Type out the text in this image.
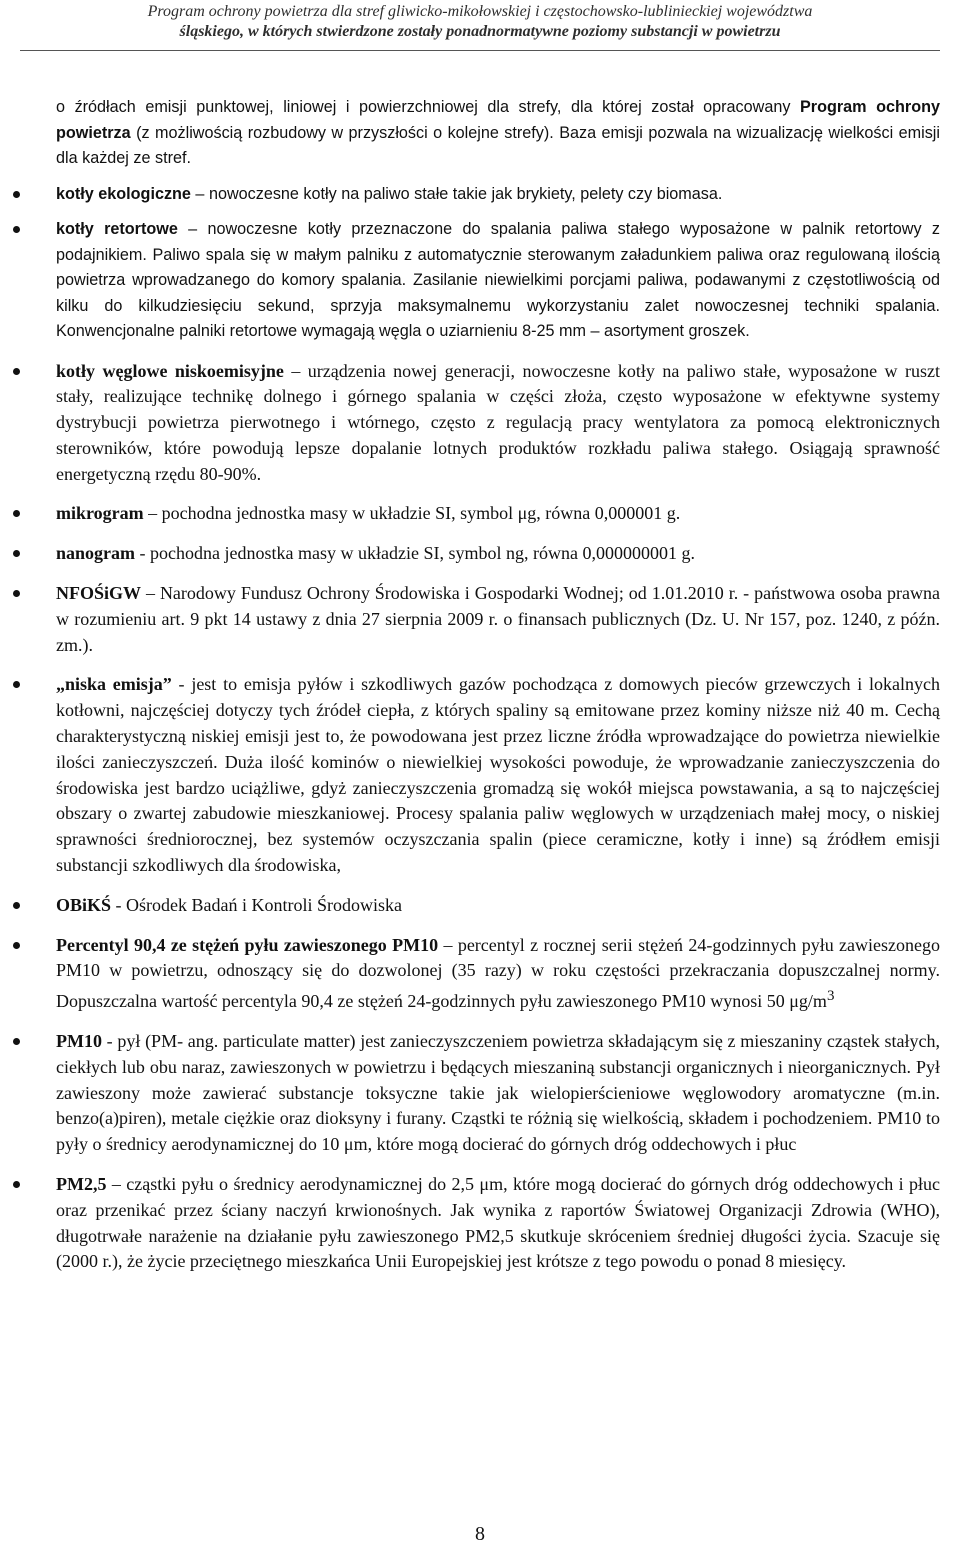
Program ochrony powietrza dla stref gliwicko-mikołowskiej i częstochowsko-lublinieckiej województwa
śląskiego, w których stwierdzone zostały ponadnormatywne poziomy substancji w powietrzu

o źródłach emisji punktowej, liniowej i powierzchniowej dla strefy, dla której został opracowany Program ochrony powietrza (z możliwością rozbudowy w przyszłości o kolejne strefy). Baza emisji pozwala na wizualizację wielkości emisji dla każdej ze stref.

kotły ekologiczne – nowoczesne kotły na paliwo stałe takie jak brykiety, pelety czy biomasa.

kotły retortowe – nowoczesne kotły przeznaczone do spalania paliwa stałego wyposażone w palnik retortowy z podajnikiem. Paliwo spala się w małym palniku z automatycznie sterowanym załadunkiem paliwa oraz regulowaną ilością powietrza wprowadzanego do komory spalania. Zasilanie niewielkimi porcjami paliwa, podawanymi z częstotliwością od kilku do kilkudziesięciu sekund, sprzyja maksymalnemu wykorzystaniu zalet nowoczesnej techniki spalania. Konwencjonalne palniki retortowe wymagają węgla o uziarnieniu 8-25 mm – asortyment groszek.

kotły węglowe niskoemisyjne – urządzenia nowej generacji, nowoczesne kotły na paliwo stałe, wyposażone w ruszt stały, realizujące technikę dolnego i górnego spalania w części złoża, często wyposażone w efektywne systemy dystrybucji powietrza pierwotnego i wtórnego, często z regulacją pracy wentylatora za pomocą elektronicznych sterowników, które powodują lepsze dopalanie lotnych produktów rozkładu paliwa stałego. Osiągają sprawność energetyczną rzędu 80-90%.

mikrogram – pochodna jednostka masy w układzie SI, symbol μg, równa 0,000001 g.

nanogram - pochodna jednostka masy w układzie SI, symbol ng, równa 0,000000001 g.

NFOŚiGW – Narodowy Fundusz Ochrony Środowiska i Gospodarki Wodnej; od 1.01.2010 r. - państwowa osoba prawna w rozumieniu art. 9 pkt 14 ustawy z dnia 27 sierpnia 2009 r. o finansach publicznych (Dz. U. Nr 157, poz. 1240, z późn. zm.).

„niska emisja” - jest to emisja pyłów i szkodliwych gazów pochodząca z domowych pieców grzewczych i lokalnych kotłowni, najczęściej dotyczy tych źródeł ciepła, z których spaliny są emitowane przez kominy niższe niż 40 m. Cechą charakterystyczną niskiej emisji jest to, że powodowana jest przez liczne źródła wprowadzające do powietrza niewielkie ilości zanieczyszczeń. Duża ilość kominów o niewielkiej wysokości powoduje, że wprowadzanie zanieczyszczenia do środowiska jest bardzo uciążliwe, gdyż zanieczyszczenia gromadzą się wokół miejsca powstawania, a są to najczęściej obszary o zwartej zabudowie mieszkaniowej. Procesy spalania paliw węglowych w urządzeniach małej mocy, o niskiej sprawności średniorocznej, bez systemów oczyszczania spalin (piece ceramiczne, kotły i inne) są źródłem emisji substancji szkodliwych dla środowiska,

OBiKŚ - Ośrodek Badań i Kontroli Środowiska

Percentyl 90,4 ze stężeń pyłu zawieszonego PM10 – percentyl z rocznej serii stężeń 24-godzinnych pyłu zawieszonego PM10 w powietrzu, odnoszący się do dozwolonej (35 razy) w roku częstości przekraczania dopuszczalnej normy. Dopuszczalna wartość percentyla 90,4 ze stężeń 24-godzinnych pyłu zawieszonego PM10 wynosi 50 $\mu g/m^3$

PM10 - pył (PM- ang. particulate matter) jest zanieczyszczeniem powietrza składającym się z mieszaniny cząstek stałych, ciekłych lub obu naraz, zawieszonych w powietrzu i będących mieszaniną substancji organicznych i nieorganicznych. Pył zawieszony może zawierać substancje toksyczne takie jak wielopierścieniowe węglowodory aromatyczne (m.in. benzo(a)piren), metale ciężkie oraz dioksyny i furany. Cząstki te różnią się wielkością, składem i pochodzeniem. PM10 to pyły o średnicy aerodynamicznej do 10 μm, które mogą docierać do górnych dróg oddechowych i płuc

PM2,5 – cząstki pyłu o średnicy aerodynamicznej do 2,5 μm, które mogą docierać do górnych dróg oddechowych i płuc oraz przenikać przez ściany naczyń krwionośnych. Jak wynika z raportów Światowej Organizacji Zdrowia (WHO), długotrwałe narażenie na działanie pyłu zawieszonego PM2,5 skutkuje skróceniem średniej długości życia. Szacuje się (2000 r.), że życie przeciętnego mieszkańca Unii Europejskiej jest krótsze z tego powodu o ponad 8 miesięcy.

8
